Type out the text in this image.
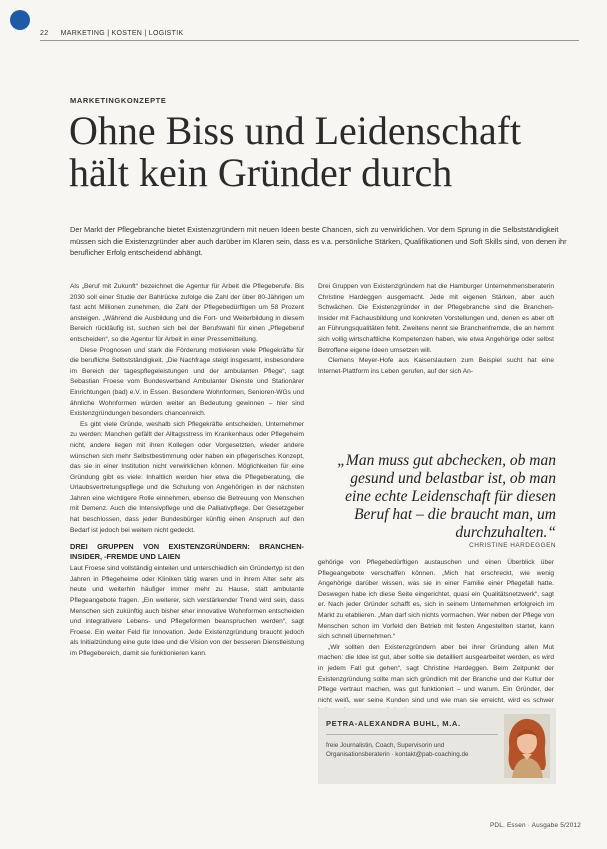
22 MARKETING | KOSTEN | LOGISTIK
MARKETINGKONZEPTE
Ohne Biss und Leidenschaft hält kein Gründer durch

Der Markt der Pflegebranche bietet Existenzgründern mit neuen Ideen beste Chancen, sich zu verwirklichen. Vor dem Sprung in die Selbstständigkeit müssen sich die Existenzgründer aber auch darüber im Klaren sein, dass es v.a. persönliche Stärken, Qualifikationen und Soft Skills sind, von denen ihr beruflicher Erfolg entscheidend abhängt.

Als „Beruf mit Zukunft“ bezeichnet die Agentur für Arbeit die Pflegeberufe. Bis 2030 soll einer Studie der Bahlrücke zufolge die Zahl der über 80-Jährigen um fast acht Millionen zunehmen, die Zahl der Pflegebedürftigen um 58 Prozent ansteigen. „Während die Ausbildung und die Fort- und Weiterbildung in diesem Bereich rückläufig ist, suchen sich bei der Berufswahl für einen „Pflegeberuf entscheiden“, so die Agentur für Arbeit in einer Pressemitteilung.

Diese Prognosen und stark die Förderung motivieren viele Pflegekräfte für die berufliche Selbstständigkeit. „Die Nachfrage steigt insgesamt, insbesondere im Bereich der tagespflegeleistungen und der ambulanten Pflege“, sagt Sebastian Froese vom Bundesverband Ambulanter Dienste und Stationärer Einrichtungen (bad) e.V. in Essen. Besondere Wohnformen, Senioren-WGs und ähnliche Wohnformen würden weiter an Bedeutung gewinnen – hier sind Existenzgründungen besonders chancenreich.

Es gibt viele Gründe, weshalb sich Pflegekräfte entscheiden, Unternehmer zu werden: Manchen gefällt der Alltagsstress im Krankenhaus oder Pflegeheim nicht, andere liegen mit ihren Kollegen oder Vorgesetzten, wieder andere wünschen sich mehr Selbstbestimmung oder haben ein pflegerisches Konzept, das sie in einer Institution nicht verwirklichen können. Möglichkeiten für eine Gründung gibt es viele: Inhaltlich werden hier etwa die Pflegeberatung, die Urlaubsvertretungspflege und die Schulung von Angehörigen in der nächsten Jahren eine wichtigere Rolle einnehmen, ebenso die Betreuung von Menschen mit Demenz. Auch die Intensivpflege und die Palliativpflege. Der Gesetzgeber hat beschlossen, dass jeder Bundesbürger künftig einen Anspruch auf den Bedarf ist jedoch bei weitem nicht gedeckt.

DREI GRUPPEN VON EXISTENZGRÜNDERN: BRANCHEN-INSIDER, -FREMDE UND LAIEN

Laut Froese sind vollständig einteilen und unterschiedlich ein Gründertyp ist den Jahren in Pflegeheime oder Kliniken tätig waren und in ihrem Alter sehr als heute und weiterhin häufiger immer mehr zu Hause, statt ambulante Pflegeangebote fragen. „Ein weiterer, sich verstärkender Trend wird sein, dass Menschen sich zukünftig auch bisher eher innovative Wohnformen entscheiden und integrativere Lebens- und Pflegeformen beanspruchen werden“, sagt Froese. Ein weiter Feld für Innovation. Jede Existenzgründung braucht jedoch als Initialzündung eine gute Idee und die Vision von der besseren Dienstleistung im Pflegebereich, damit sie funktionieren kann.

Drei Gruppen von Existenzgründern hat die Hamburger Unternehmensberaterin Christine Hardeggen ausgemacht. Jede mit eigenen Stärken, aber auch Schwächen. Die Existenzgründer in der Pflegebranche sind die Branchen-Insider mit Fachausbildung und konkreten Vorstellungen und, denen es aber oft an Führungsqualitäten fehlt. Zweitens nennt sie Branchenfremde, die an hemmt sich vollig wirtschaftliche Kompetenzen haben, wie etwa Angehörige oder selbst Betroffene eigene Ideen umsetzen will.

Clemens Meyer-Hofe aus Kaiserslautern zum Beispiel sucht hat eine Internet-Plattform ins Leben gerufen, auf der sich An-

„Man muss gut abchecken, ob man gesund und belastbar ist, ob man eine echte Leidenschaft für diesen Beruf hat – die braucht man, um durchzuhalten.“
CHRISTINE HARDEGGEN

gehörige von Pflegebedürftigen austauschen und einen Überblick über Pflegeangebote verschaffen können. „Mich hat erschreckt, wie wenig Angehörige darüber wissen, was sie in einer Familie einer Pflegefall hatte. Deswegen habe ich diese Seite eingerichtet, quasi ein Qualitätsnetzwerk“, sagt er. Nach jeder Gründer schafft es, sich in seinem Unternehmen erfolgreich im Markt zu etablieren. „Man darf sich nichts vormachen. Wer neben der Pflege von Menschen schon im Vorfeld den Betrieb mit festen Angestellten startet, kann sich schnell übernehmen.“

„Wir sollten den Existenzgründern aber bei ihrer Gründung allen Mut machen: die Idee ist gut, aber sollte sie detailliert ausgearbeitet werden, es wird in jedem Fall gut gehen“, sagt Christine Hardeggen. Beim Zeitpunkt der Existenzgründung sollte man sich gründlich mit der Branche und der Kultur der Pflege vertraut machen, was gut funktioniert – und warum. Ein Gründer, der nicht weiß, wer seine Kunden sind und wie man sie erreicht, wird es schwer

PETRA-ALEXANDRA BUHL, M.A.
freie Journalistin, Coach, Supervisorin und Organisationsberaterin · kontakt@pab-coaching.de
PDL. Essen · Ausgabe 5/2012
